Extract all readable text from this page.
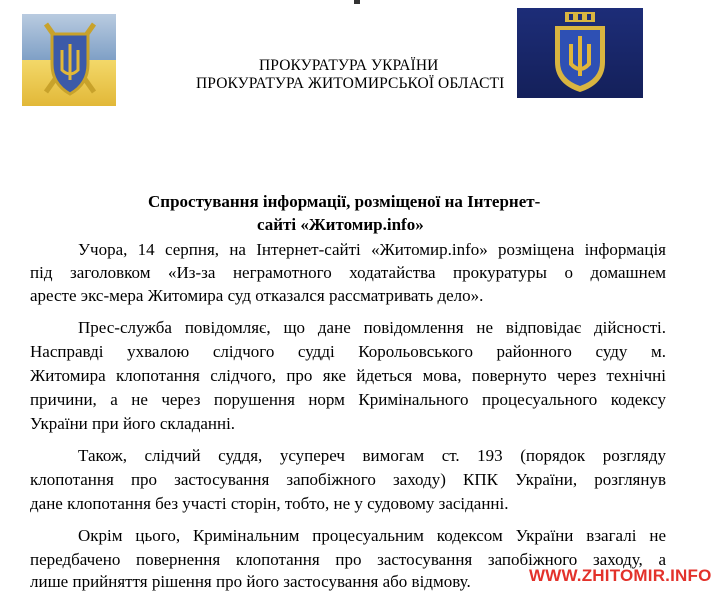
ПРОКУРАТУРА УКРАЇНИ
ПРОКУРАТУРА ЖИТОМИРСЬКОЇ ОБЛАСТІ
Спростування інформації, розміщеної на Інтернет-
сайті «Житомир.info»
Учора, 14 серпня, на Інтернет-сайті «Житомир.info» розміщена інформація
під заголовком «Из-за неграмотного ходатайства прокуратуры о домашнем
аресте экс-мера Житомира суд отказался рассматривать дело».
Прес-служба повідомляє, що дане повідомлення не відповідає дійсності.
Насправді ухвалою слідчого судді Корольовського районного суду м.
Житомира клопотання слідчого, про яке йдеться мова, повернуто через технічні
причини, а не через порушення норм Кримінального процесуального кодексу
України при його складанні.
Також, слідчий суддя, усупереч вимогам ст. 193 (порядок розгляду
клопотання про застосування запобіжного заходу) КПК України, розглянув
дане клопотання без участі сторін, тобто, не у судовому засіданні.
Окрім цього, Кримінальним процесуальним кодексом України взагалі не
передбачено повернення клопотання про застосування запобіжного заходу, а
лише прийняття рішення про його застосування або відмову.	WWW.ZHITOMIR.INFO
